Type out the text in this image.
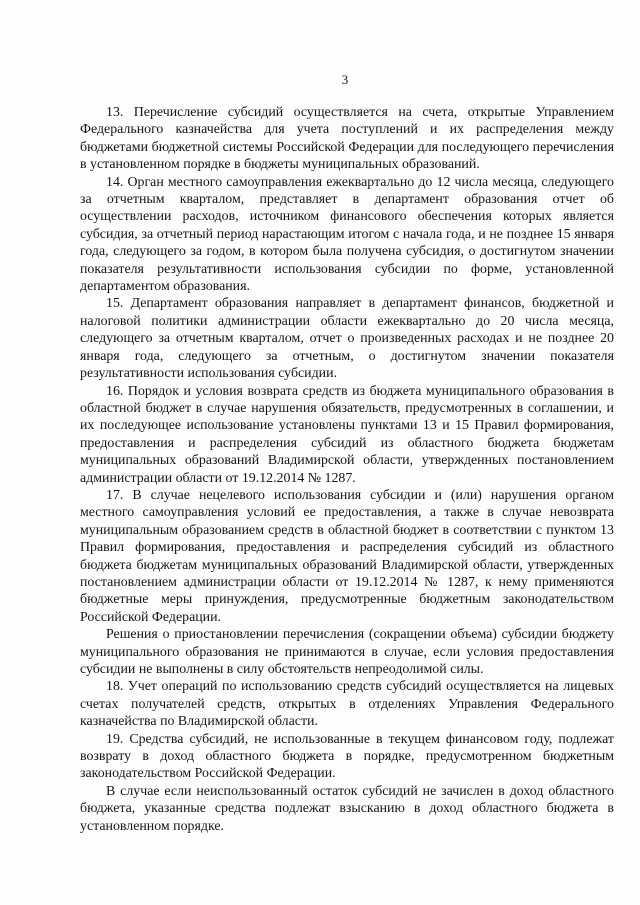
3

13. Перечисление субсидий осуществляется на счета, открытые Управлением Федерального казначейства для учета поступлений и их распределения между бюджетами бюджетной системы Российской Федерации для последующего перечисления в установленном порядке в бюджеты муниципальных образований.

14. Орган местного самоуправления ежеквартально до 12 числа месяца, следующего за отчетным кварталом, представляет в департамент образования отчет об осуществлении расходов, источником финансового обеспечения которых является субсидия, за отчетный период нарастающим итогом с начала года, и не позднее 15 января года, следующего за годом, в котором была получена субсидия, о достигнутом значении показателя результативности использования субсидии по форме, установленной департаментом образования.

15. Департамент образования направляет в департамент финансов, бюджетной и налоговой политики администрации области ежеквартально до 20 числа месяца, следующего за отчетным кварталом, отчет о произведенных расходах и не позднее 20 января года, следующего за отчетным, о достигнутом значении показателя результативности использования субсидии.

16. Порядок и условия возврата средств из бюджета муниципального образования в областной бюджет в случае нарушения обязательств, предусмотренных в соглашении, и их последующее использование установлены пунктами 13 и 15 Правил формирования, предоставления и распределения субсидий из областного бюджета бюджетам муниципальных образований Владимирской области, утвержденных постановлением администрации области от 19.12.2014 № 1287.

17. В случае нецелевого использования субсидии и (или) нарушения органом местного самоуправления условий ее предоставления, а также в случае невозврата муниципальным образованием средств в областной бюджет в соответствии с пунктом 13 Правил формирования, предоставления и распределения субсидий из областного бюджета бюджетам муниципальных образований Владимирской области, утвержденных постановлением администрации области от 19.12.2014 № 1287, к нему применяются бюджетные меры принуждения, предусмотренные бюджетным законодательством Российской Федерации.

Решения о приостановлении перечисления (сокращении объема) субсидии бюджету муниципального образования не принимаются в случае, если условия предоставления субсидии не выполнены в силу обстоятельств непреодолимой силы.

18. Учет операций по использованию средств субсидий осуществляется на лицевых счетах получателей средств, открытых в отделениях Управления Федерального казначейства по Владимирской области.

19. Средства субсидий, не использованные в текущем финансовом году, подлежат возврату в доход областного бюджета в порядке, предусмотренном бюджетным законодательством Российской Федерации.

В случае если неиспользованный остаток субсидий не зачислен в доход областного бюджета, указанные средства подлежат взысканию в доход областного бюджета в установленном порядке.
